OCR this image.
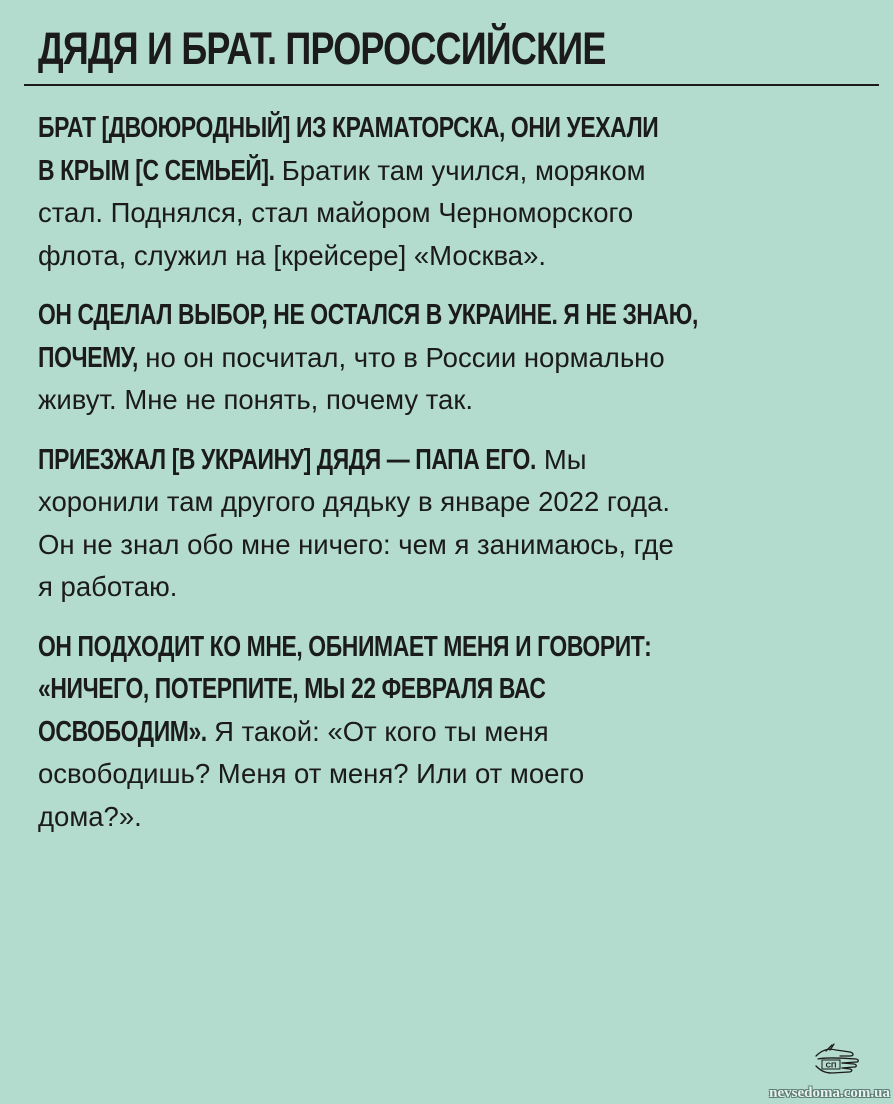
ДЯДЯ И БРАТ. ПРОРОССИЙСКИЕ

БРАТ [ДВОЮРОДНЫЙ] ИЗ КРАМАТОРСКА, ОНИ УЕХАЛИ
В КРЫМ [С СЕМЬЕЙ]. Братик там учился, моряком
стал. Поднялся, стал майором Черноморского
флота, служил на [крейсере] «Москва».

ОН СДЕЛАЛ ВЫБОР, НЕ ОСТАЛСЯ В УКРАИНЕ. Я НЕ ЗНАЮ,
ПОЧЕМУ, но он посчитал, что в России нормально
живут. Мне не понять, почему так.

ПРИЕЗЖАЛ [В УКРАИНУ] ДЯДЯ — ПАПА ЕГО. Мы
хоронили там другого дядьку в январе 2022 года.
Он не знал обо мне ничего: чем я занимаюсь, где
я работаю.

ОН ПОДХОДИТ КО МНЕ, ОБНИМАЕТ МЕНЯ И ГОВОРИТ:
«НИЧЕГО, ПОТЕРПИТЕ, МЫ 22 ФЕВРАЛЯ ВАС
ОСВОБОДИМ». Я такой: «От кого ты меня
освободишь? Меня от меня? Или от моего
дома?».

СП
nevsedoma.com.ua
